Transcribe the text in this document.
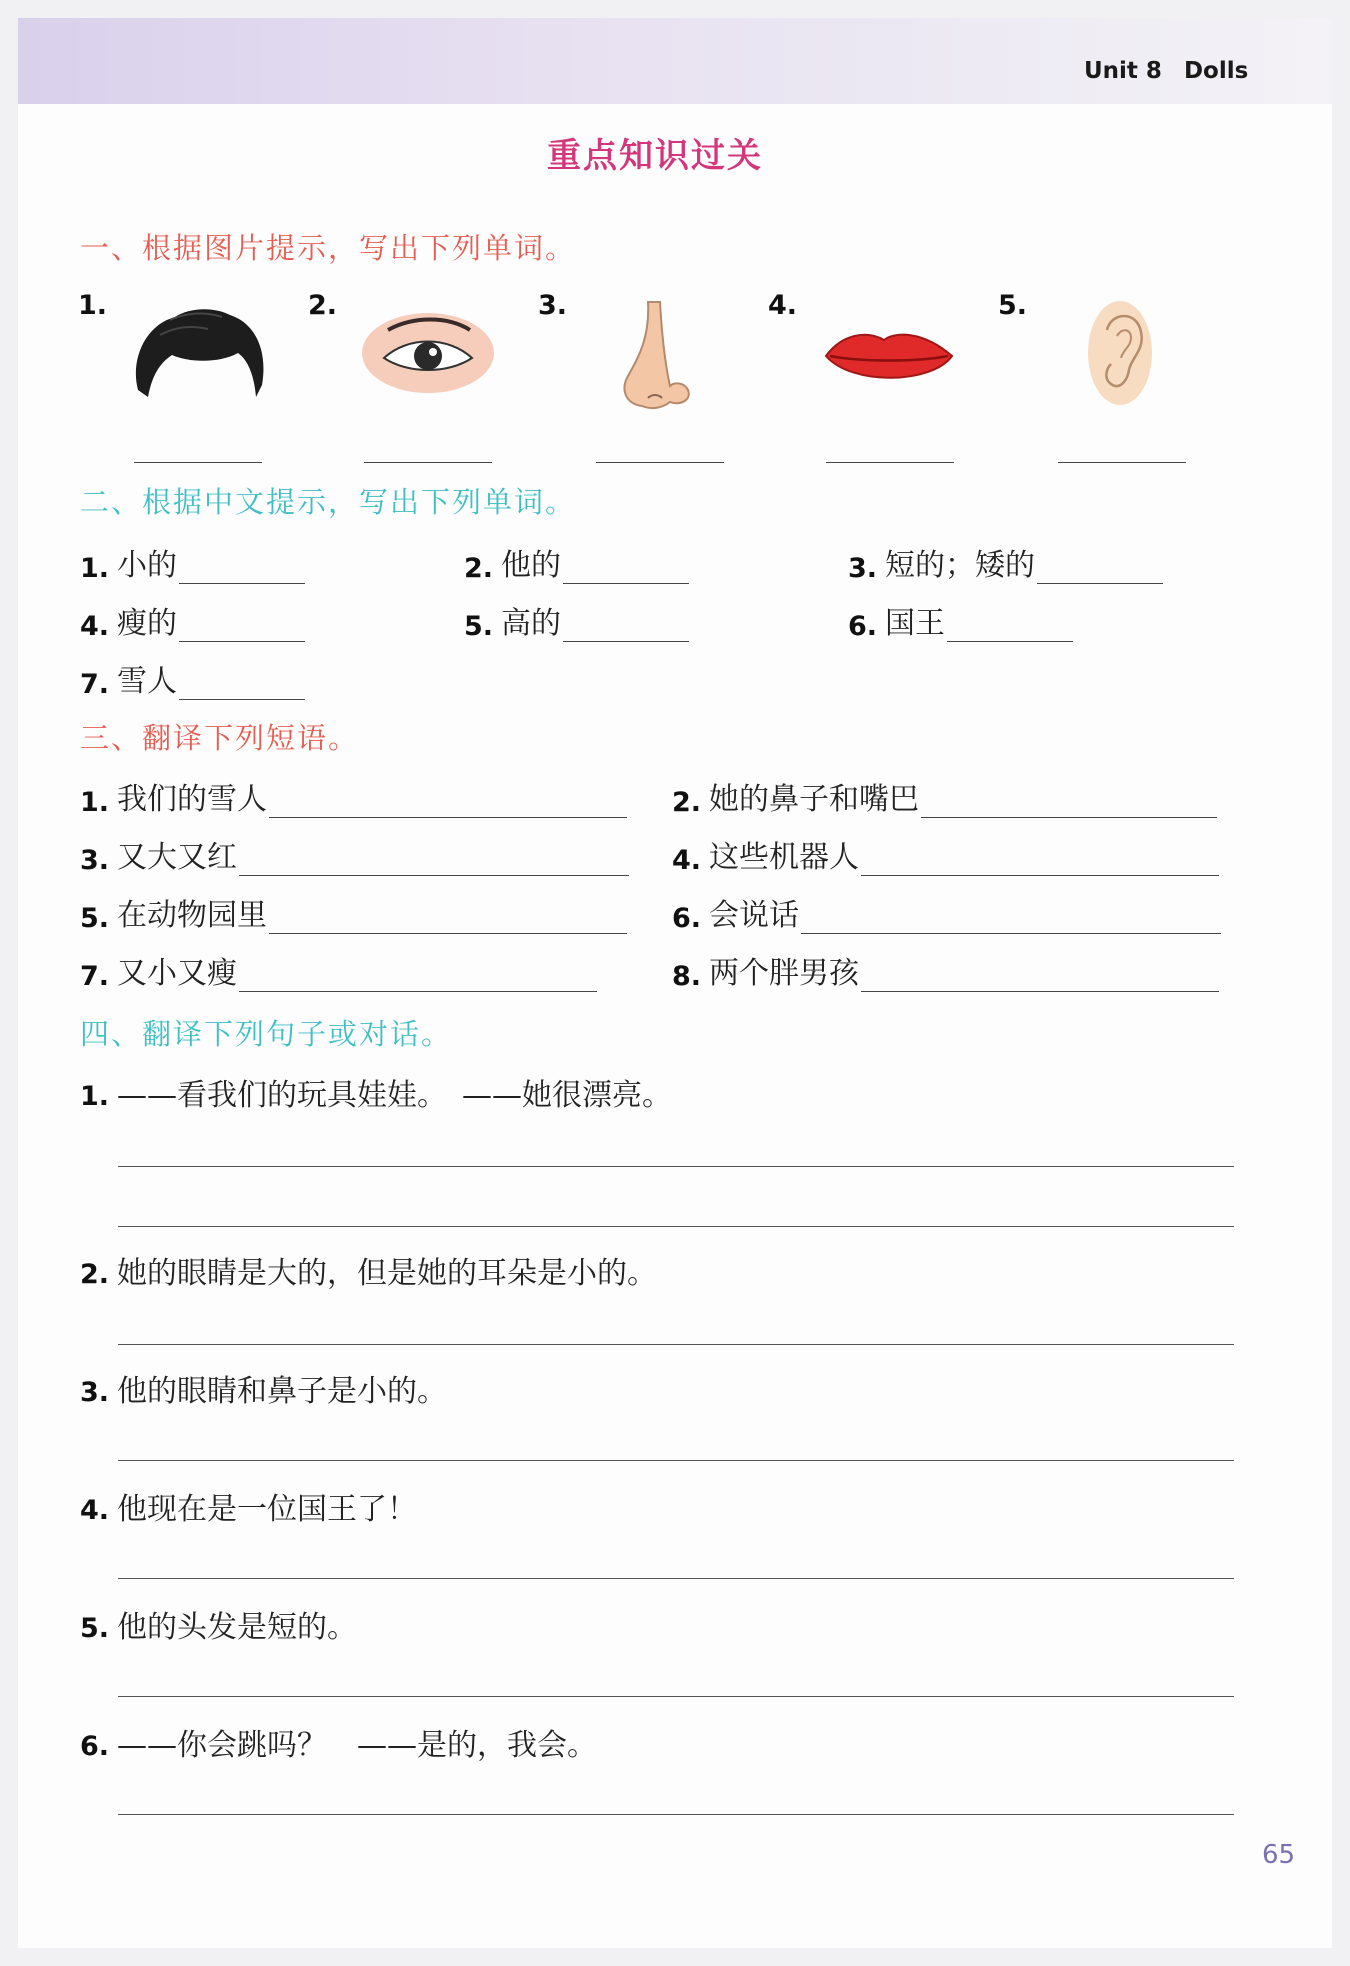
Unit 8 Dolls
重点知识过关
一、根据图片提示，写出下列单词。
1.	2.	3.	4.	5.
二、根据中文提示，写出下列单词。
1. 小的	2. 他的	3. 短的；矮的
4. 瘦的	5. 高的	6. 国王
7. 雪人
三、翻译下列短语。
1. 我们的雪人	2. 她的鼻子和嘴巴
3. 又大又红	4. 这些机器人
5. 在动物园里	6. 会说话
7. 又小又瘦	8. 两个胖男孩
四、翻译下列句子或对话。
1. ——看我们的玩具娃娃。　——她很漂亮。
2. 她的眼睛是大的，但是她的耳朵是小的。
3. 他的眼睛和鼻子是小的。
4. 他现在是一位国王了！
5. 他的头发是短的。
6. ——你会跳吗？　——是的，我会。
65
